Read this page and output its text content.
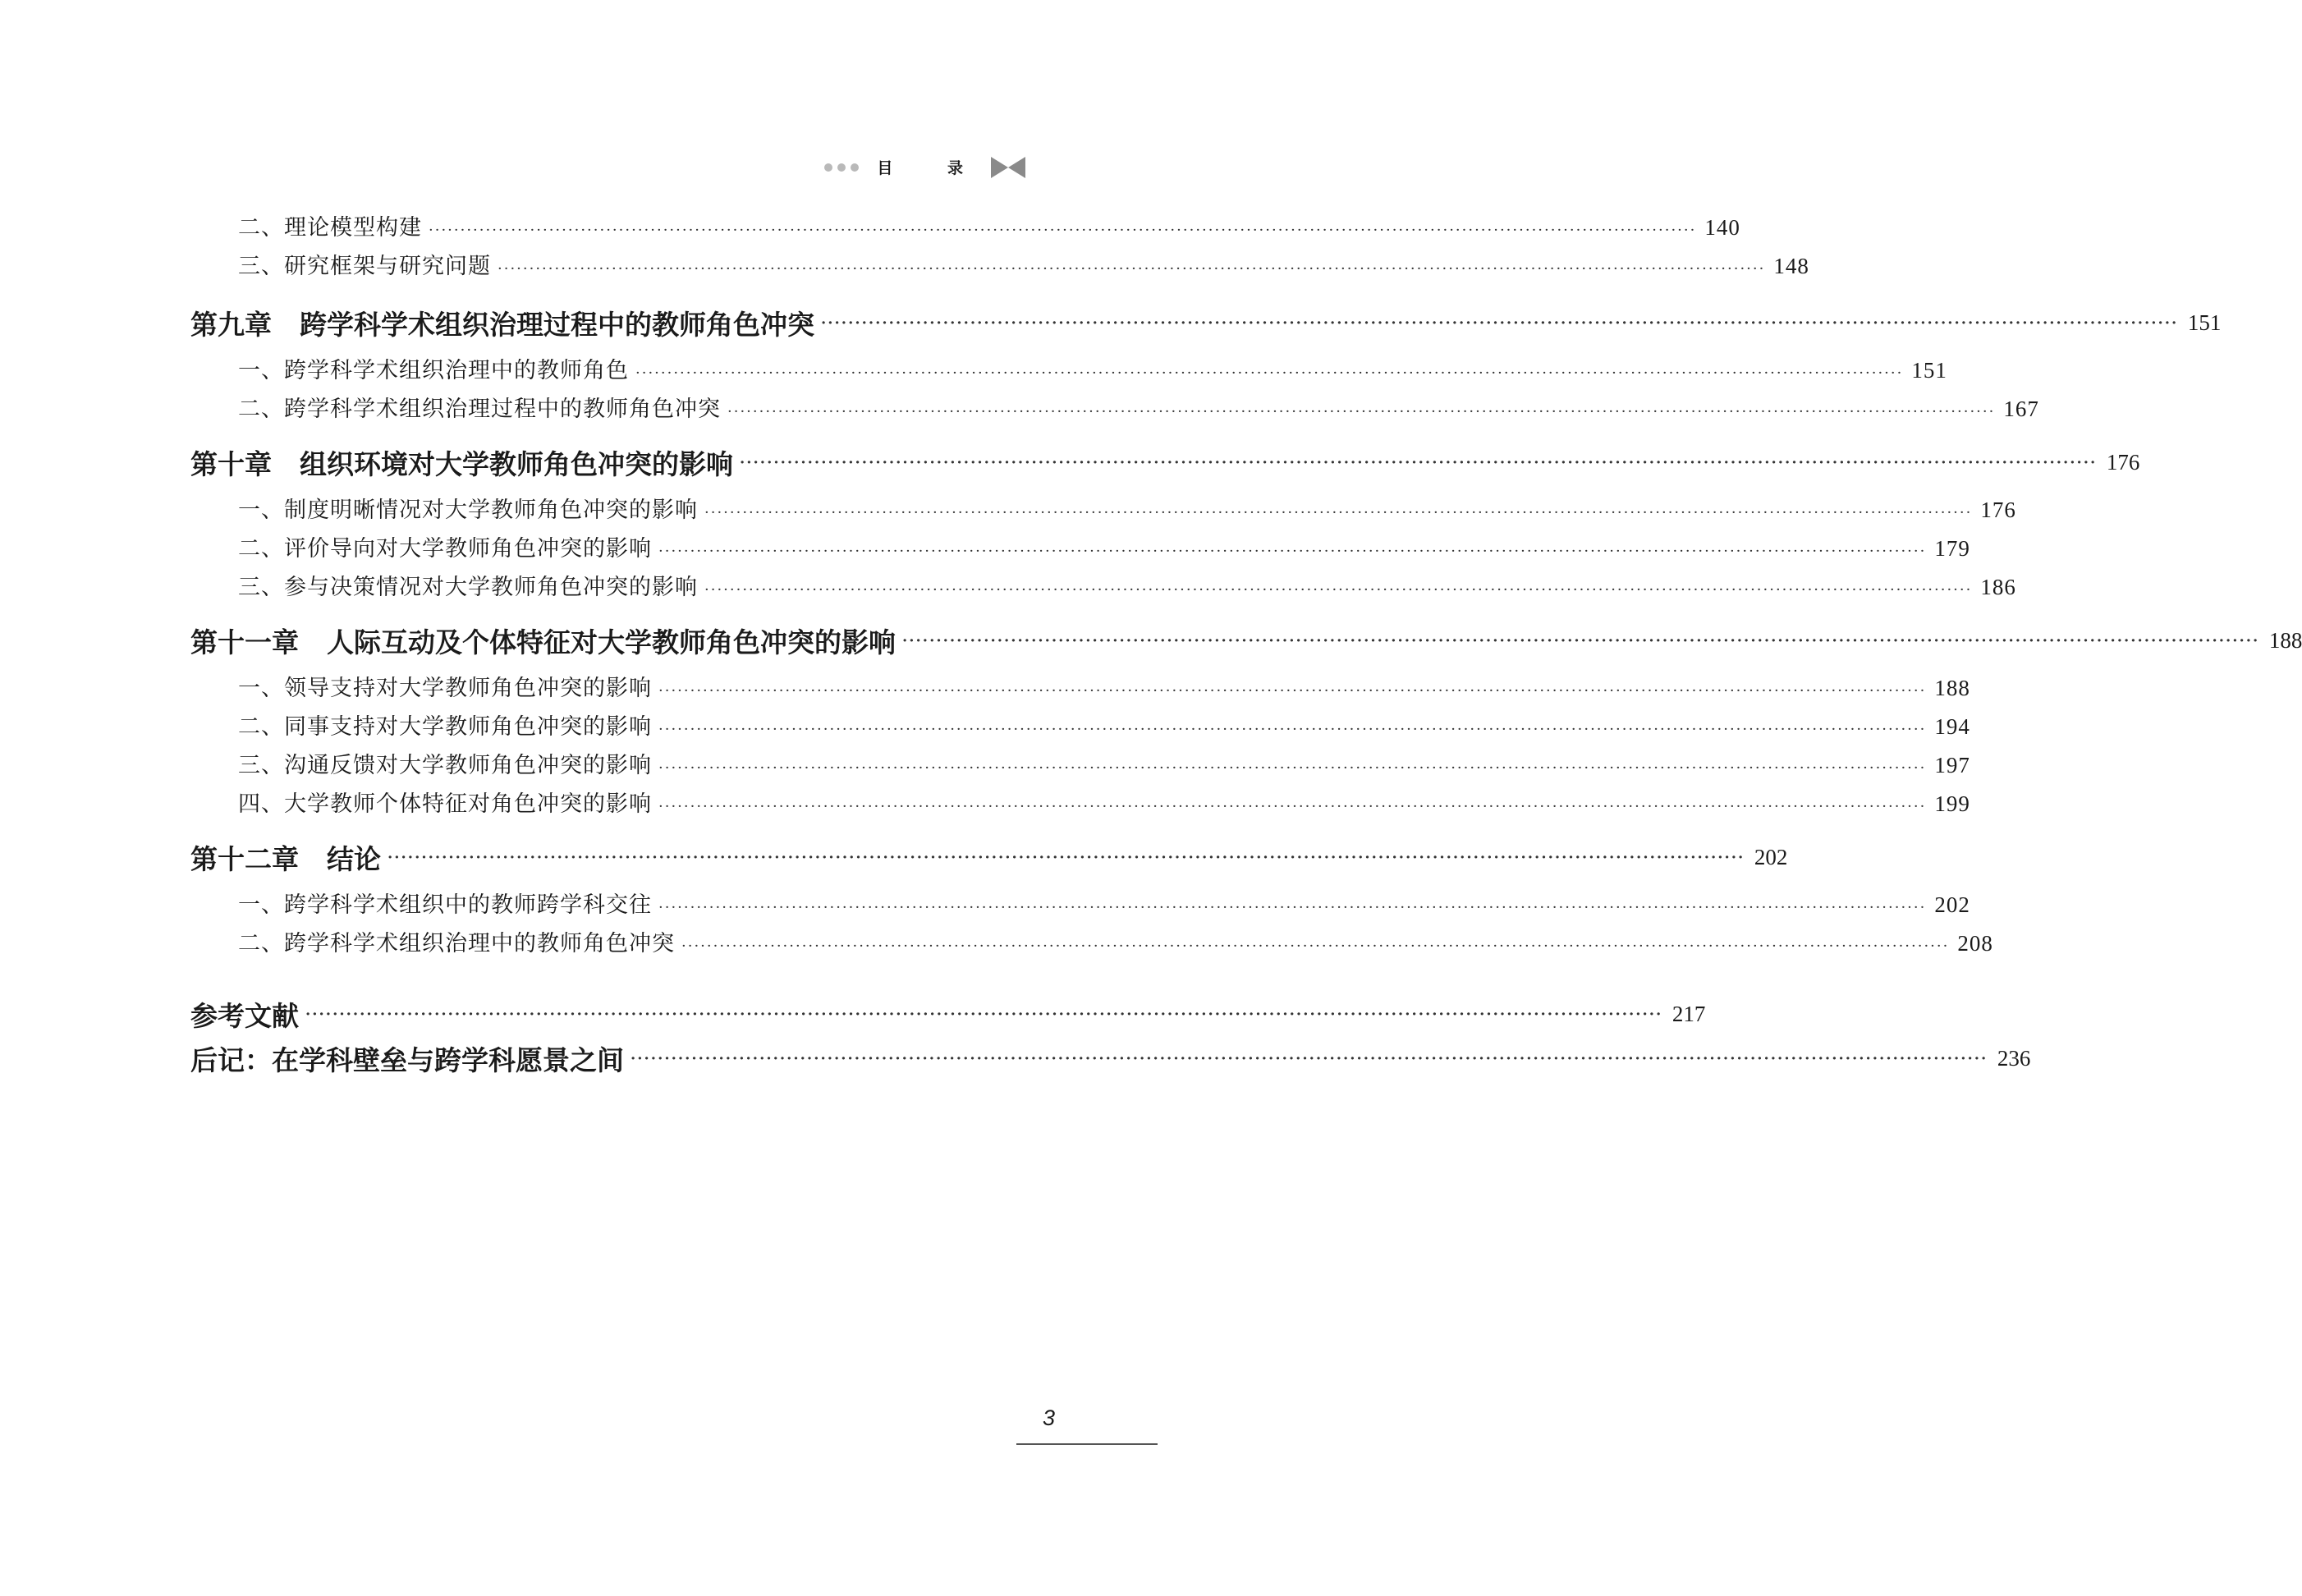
目 录
二、理论模型构建 ········································································································································································································ 140
三、研究框架与研究问题 ········································································································································································································ 148
第九章 跨学科学术组织治理过程中的教师角色冲突 ········································································································································································································ 151
一、跨学科学术组织治理中的教师角色 ········································································································································································································ 151
二、跨学科学术组织治理过程中的教师角色冲突 ········································································································································································································ 167
第十章 组织环境对大学教师角色冲突的影响 ········································································································································································································ 176
一、制度明晰情况对大学教师角色冲突的影响 ········································································································································································································ 176
二、评价导向对大学教师角色冲突的影响 ········································································································································································································ 179
三、参与决策情况对大学教师角色冲突的影响 ········································································································································································································ 186
第十一章 人际互动及个体特征对大学教师角色冲突的影响 ········································································································································································································ 188
一、领导支持对大学教师角色冲突的影响 ········································································································································································································ 188
二、同事支持对大学教师角色冲突的影响 ········································································································································································································ 194
三、沟通反馈对大学教师角色冲突的影响 ········································································································································································································ 197
四、大学教师个体特征对角色冲突的影响 ········································································································································································································ 199
第十二章 结论 ········································································································································································································ 202
一、跨学科学术组织中的教师跨学科交往 ········································································································································································································ 202
二、跨学科学术组织治理中的教师角色冲突 ········································································································································································································ 208
参考文献 ········································································································································································································ 217
后记：在学科壁垒与跨学科愿景之间 ········································································································································································································ 236
3
